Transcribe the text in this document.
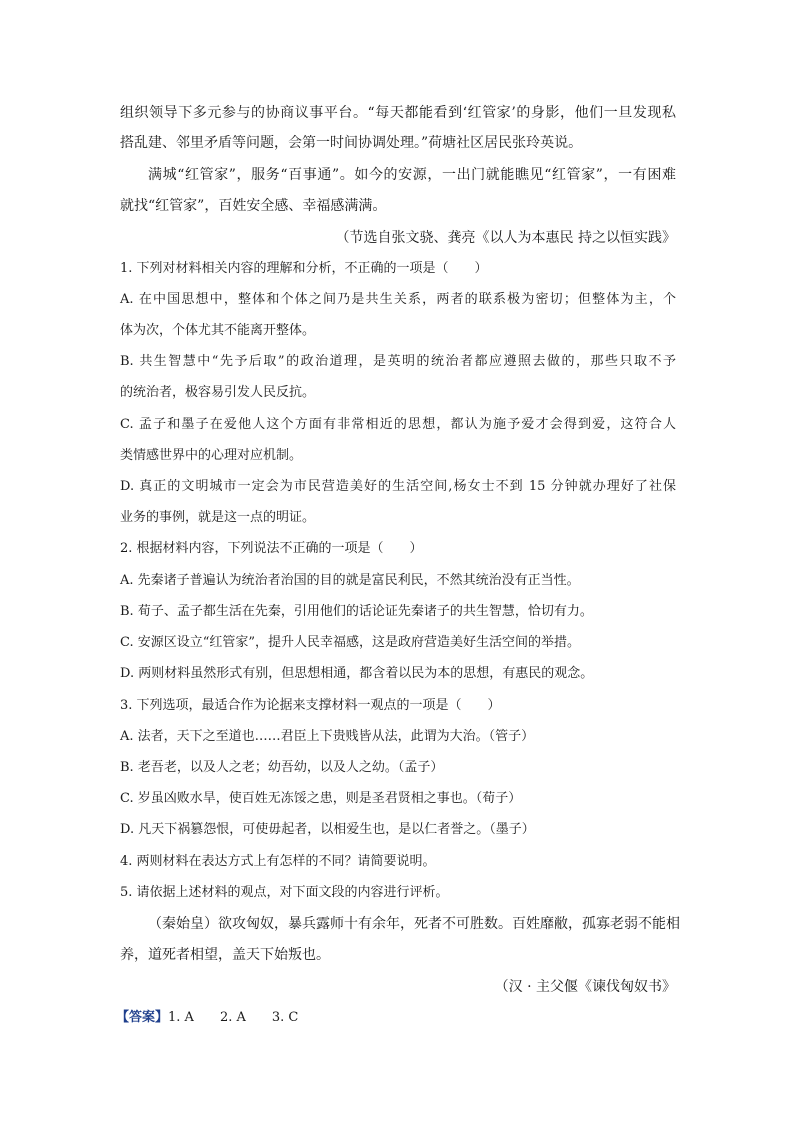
组织领导下多元参与的协商议事平台。“每天都能看到‘红管家’的身影，他们一旦发现私
搭乱建、邻里矛盾等问题，会第一时间协调处理。”荷塘社区居民张玲英说。
满城“红管家”，服务“百事通”。如今的安源，一出门就能瞧见“红管家”，一有困难
就找“红管家”，百姓安全感、幸福感满满。
（节选自张文骁、龚亮《以人为本惠民 持之以恒实践》
1. 下列对材料相关内容的理解和分析，不正确的一项是（　　）
A. 在中国思想中，整体和个体之间乃是共生关系，两者的联系极为密切；但整体为主，个
体为次，个体尤其不能离开整体。
B. 共生智慧中“先予后取”的政治道理，是英明的统治者都应遵照去做的，那些只取不予
的统治者，极容易引发人民反抗。
C. 孟子和墨子在爱他人这个方面有非常相近的思想，都认为施予爱才会得到爱，这符合人
类情感世界中的心理对应机制。
D. 真正的文明城市一定会为市民营造美好的生活空间,杨女士不到 15 分钟就办理好了社保
业务的事例，就是这一点的明证。
2. 根据材料内容，下列说法不正确的一项是（　　）
A. 先秦诸子普遍认为统治者治国的目的就是富民利民，不然其统治没有正当性。
B. 荀子、孟子都生活在先秦，引用他们的话论证先秦诸子的共生智慧，恰切有力。
C. 安源区设立“红管家”，提升人民幸福感，这是政府营造美好生活空间的举措。
D. 两则材料虽然形式有别，但思想相通，都含着以民为本的思想，有惠民的观念。
3. 下列选项，最适合作为论据来支撑材料一观点的一项是（　　）
A. 法者，天下之至道也……君臣上下贵贱皆从法，此谓为大治。（管子）
B. 老吾老，以及人之老；幼吾幼，以及人之幼。（孟子）
C. 岁虽凶败水旱，使百姓无冻馁之患，则是圣君贤相之事也。（荀子）
D. 凡天下祸篡怨恨，可使毋起者，以相爱生也，是以仁者誉之。（墨子）
4. 两则材料在表达方式上有怎样的不同？请简要说明。
5. 请依据上述材料的观点，对下面文段的内容进行评析。
（秦始皇）欲攻匈奴，暴兵露师十有余年，死者不可胜数。百姓靡敝，孤寡老弱不能相
养，道死者相望，盖天下始叛也。
（汉 · 主父偃《谏伐匈奴书》
【答案】1. A　　2. A　　3. C
